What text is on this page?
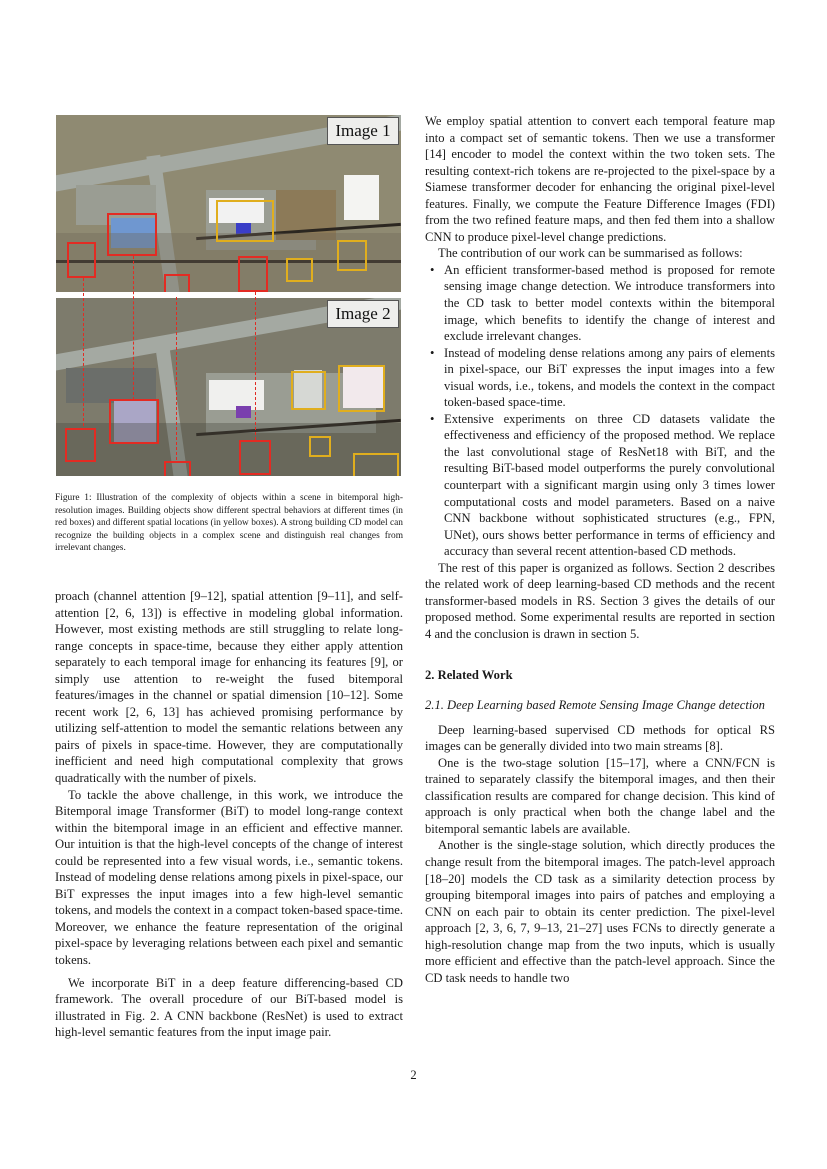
Image 1
Image 2
Figure 1: Illustration of the complexity of objects within a scene in bitemporal high-resolution images. Building objects show different spectral behaviors at different times (in red boxes) and different spatial locations (in yellow boxes). A strong building CD model can recognize the building objects in a complex scene and distinguish real changes from irrelevant changes.

proach (channel attention [9–12], spatial attention [9–11], and self-attention [2, 6, 13]) is effective in modeling global information. However, most existing methods are still struggling to relate long-range concepts in space-time, because they either apply attention separately to each temporal image for enhancing its features [9], or simply use attention to re-weight the fused bitemporal features/images in the channel or spatial dimension [10–12]. Some recent work [2, 6, 13] has achieved promising performance by utilizing self-attention to model the semantic relations between any pairs of pixels in space-time. However, they are computationally inefficient and need high computational complexity that grows quadratically with the number of pixels.

To tackle the above challenge, in this work, we introduce the Bitemporal image Transformer (BiT) to model long-range context within the bitemporal image in an efficient and effective manner. Our intuition is that the high-level concepts of the change of interest could be represented into a few visual words, i.e., semantic tokens. Instead of modeling dense relations among pixels in pixel-space, our BiT expresses the input images into a few high-level semantic tokens, and models the context in a compact token-based space-time. Moreover, we enhance the feature representation of the original pixel-space by leveraging relations between each pixel and semantic tokens.

We incorporate BiT in a deep feature differencing-based CD framework. The overall procedure of our BiT-based model is illustrated in Fig. 2. A CNN backbone (ResNet) is used to extract high-level semantic features from the input image pair.

We employ spatial attention to convert each temporal feature map into a compact set of semantic tokens. Then we use a transformer [14] encoder to model the context within the two token sets. The resulting context-rich tokens are re-projected to the pixel-space by a Siamese transformer decoder for enhancing the original pixel-level features. Finally, we compute the Feature Difference Images (FDI) from the two refined feature maps, and then fed them into a shallow CNN to produce pixel-level change predictions.

The contribution of our work can be summarised as follows:

• An efficient transformer-based method is proposed for remote sensing image change detection. We introduce transformers into the CD task to better model contexts within the bitemporal image, which benefits to identify the change of interest and exclude irrelevant changes.
• Instead of modeling dense relations among any pairs of elements in pixel-space, our BiT expresses the input images into a few visual words, i.e., tokens, and models the context in the compact token-based space-time.
• Extensive experiments on three CD datasets validate the effectiveness and efficiency of the proposed method. We replace the last convolutional stage of ResNet18 with BiT, and the resulting BiT-based model outperforms the purely convolutional counterpart with a significant margin using only 3 times lower computational costs and model parameters. Based on a naive CNN backbone without sophisticated structures (e.g., FPN, UNet), ours shows better performance in terms of efficiency and accuracy than several recent attention-based CD methods.

The rest of this paper is organized as follows. Section 2 describes the related work of deep learning-based CD methods and the recent transformer-based models in RS. Section 3 gives the details of our proposed method. Some experimental results are reported in section 4 and the conclusion is drawn in section 5.

2. Related Work
2.1. Deep Learning based Remote Sensing Image Change detection

Deep learning-based supervised CD methods for optical RS images can be generally divided into two main streams [8].

One is the two-stage solution [15–17], where a CNN/FCN is trained to separately classify the bitemporal images, and then their classification results are compared for change decision. This kind of approach is only practical when both the change label and the bitemporal semantic labels are available.

Another is the single-stage solution, which directly produces the change result from the bitemporal images. The patch-level approach [18–20] models the CD task as a similarity detection process by grouping bitemporal images into pairs of patches and employing a CNN on each pair to obtain its center prediction. The pixel-level approach [2, 3, 6, 7, 9–13, 21–27] uses FCNs to directly generate a high-resolution change map from the two inputs, which is usually more efficient and effective than the patch-level approach. Since the CD task needs to handle two

2
